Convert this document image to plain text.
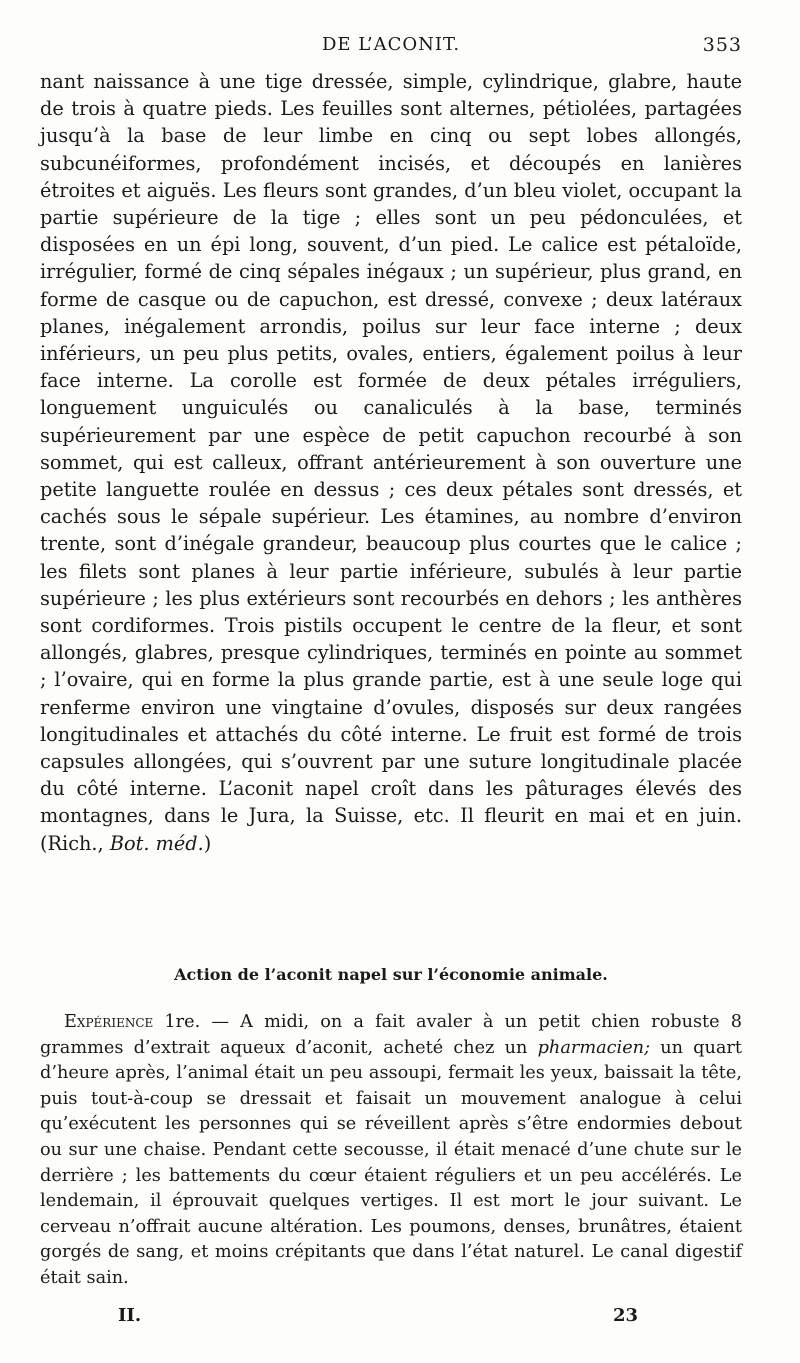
DE L’ACONIT.	353

nant naissance à une tige dressée, simple, cylindrique, glabre, haute de trois à quatre pieds. Les feuilles sont alternes, pétiolées, partagées jusqu’à la base de leur limbe en cinq ou sept lobes allongés, subcunéiformes, profondément incisés, et découpés en lanières étroites et aiguës. Les fleurs sont grandes, d’un bleu violet, occupant la partie supérieure de la tige ; elles sont un peu pédonculées, et disposées en un épi long, souvent, d’un pied. Le calice est pétaloïde, irrégulier, formé de cinq sépales inégaux ; un supérieur, plus grand, en forme de casque ou de capuchon, est dressé, convexe ; deux latéraux planes, inégalement arrondis, poilus sur leur face interne ; deux inférieurs, un peu plus petits, ovales, entiers, également poilus à leur face interne. La corolle est formée de deux pétales irréguliers, longuement unguiculés ou canaliculés à la base, terminés supérieurement par une espèce de petit capuchon recourbé à son sommet, qui est calleux, offrant antérieurement à son ouverture une petite languette roulée en dessus ; ces deux pétales sont dressés, et cachés sous le sépale supérieur. Les étamines, au nombre d’environ trente, sont d’inégale grandeur, beaucoup plus courtes que le calice ; les filets sont planes à leur partie inférieure, subulés à leur partie supérieure ; les plus extérieurs sont recourbés en dehors ; les anthères sont cordiformes. Trois pistils occupent le centre de la fleur, et sont allongés, glabres, presque cylindriques, terminés en pointe au sommet ; l’ovaire, qui en forme la plus grande partie, est à une seule loge qui renferme environ une vingtaine d’ovules, disposés sur deux rangées longitudinales et attachés du côté interne. Le fruit est formé de trois capsules allongées, qui s’ouvrent par une suture longitudinale placée du côté interne. L’aconit napel croît dans les pâturages élevés des montagnes, dans le Jura, la Suisse, etc. Il fleurit en mai et en juin. (Rich., Bot. méd.)

Action de l’aconit napel sur l’économie animale.

Expérience 1re. — A midi, on a fait avaler à un petit chien robuste 8 grammes d’extrait aqueux d’aconit, acheté chez un pharmacien; un quart d’heure après, l’animal était un peu assoupi, fermait les yeux, baissait la tête, puis tout-à-coup se dressait et faisait un mouvement analogue à celui qu’exécutent les personnes qui se réveillent après s’être endormies debout ou sur une chaise. Pendant cette secousse, il était menacé d’une chute sur le derrière ; les battements du cœur étaient réguliers et un peu accélérés. Le lendemain, il éprouvait quelques vertiges. Il est mort le jour suivant. Le cerveau n’offrait aucune altération. Les poumons, denses, brunâtres, étaient gorgés de sang, et moins crépitants que dans l’état naturel. Le canal digestif était sain.

II.	23
